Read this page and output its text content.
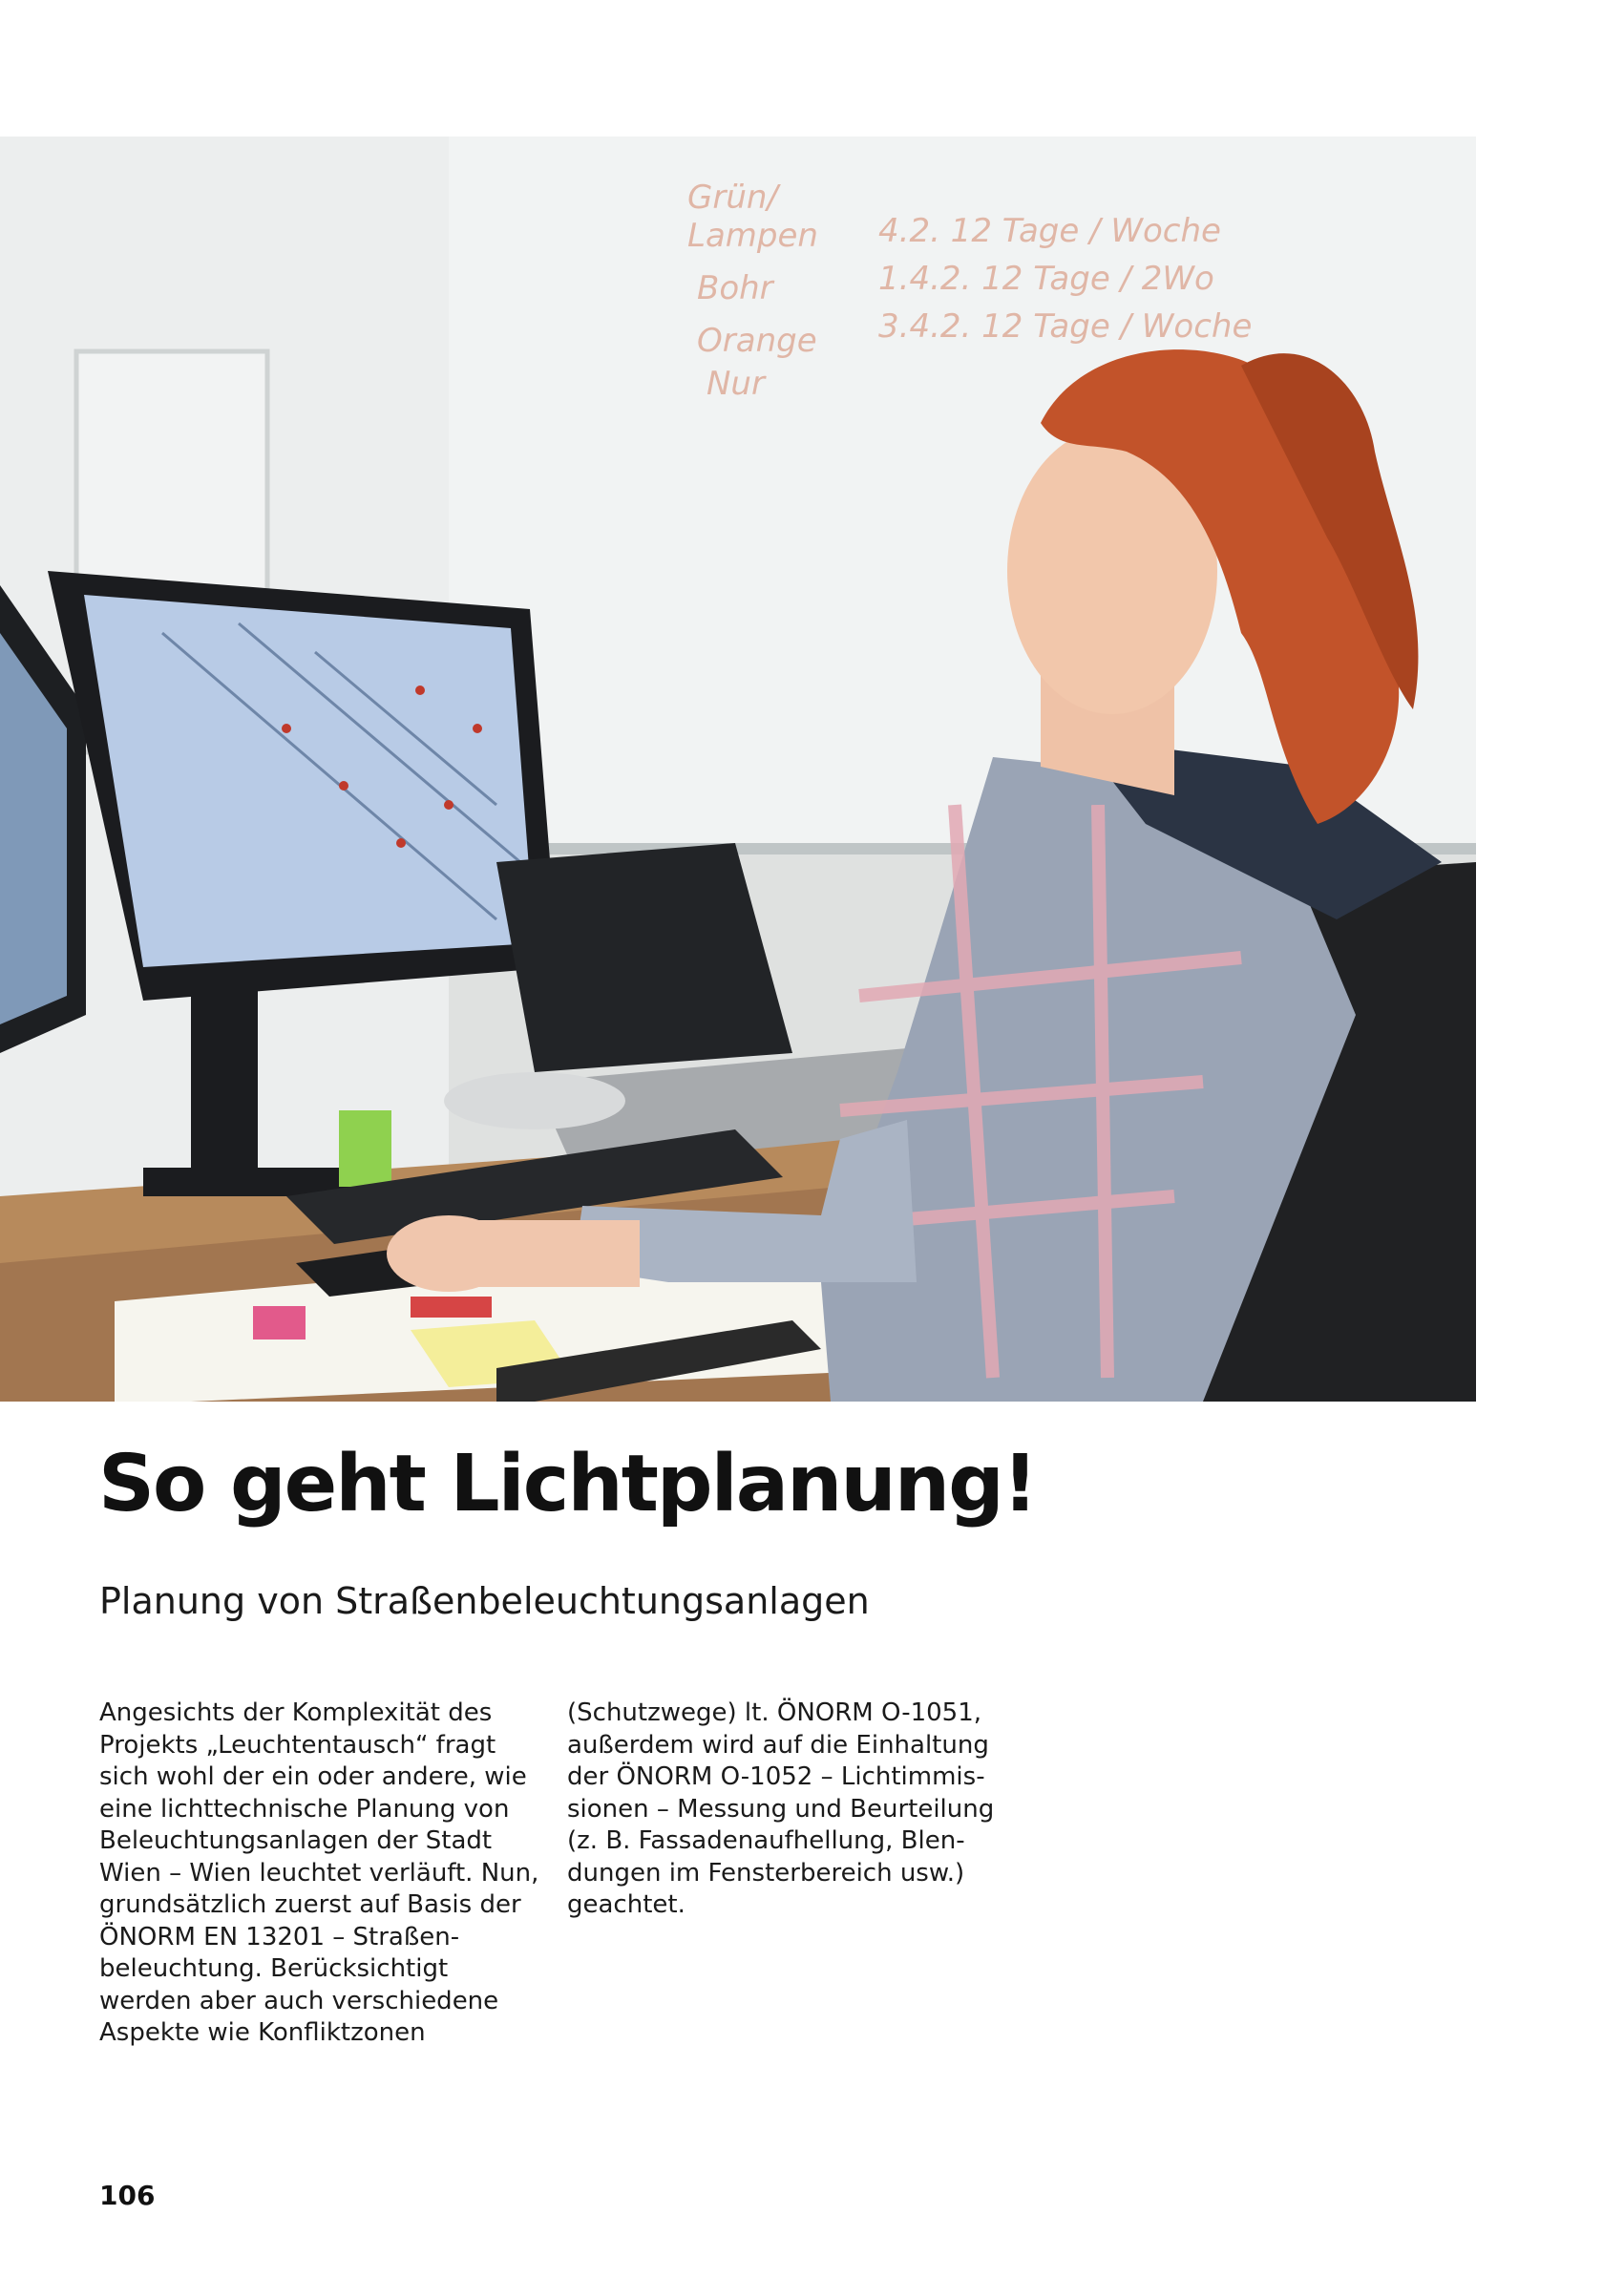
Grün/
Lampen
Bohr
Orange
Nur
4.2. 12 Tage / Woche
1.4.2. 12 Tage / 2Wo
3.4.2. 12 Tage / Woche
So geht Lichtplanung!
Planung von Straßenbeleuchtungsanlagen
Angesichts der Komplexität des
Projekts „Leuchtentausch“ fragt
sich wohl der ein oder andere, wie
eine lichttechnische Planung von
Beleuchtungsanlagen der Stadt
Wien – Wien leuchtet verläuft. Nun,
grundsätzlich zuerst auf Basis der
ÖNORM EN 13201 – Straßen-
beleuchtung. Berücksichtigt
werden aber auch verschiedene
Aspekte wie Konfliktzonen
(Schutzwege) lt. ÖNORM O-1051,
außerdem wird auf die Einhaltung
der ÖNORM O-1052 – Lichtimmis-
sionen – Messung und Beurteilung
(z. B. Fassadenaufhellung, Blen-
dungen im Fensterbereich usw.)
geachtet.
106
